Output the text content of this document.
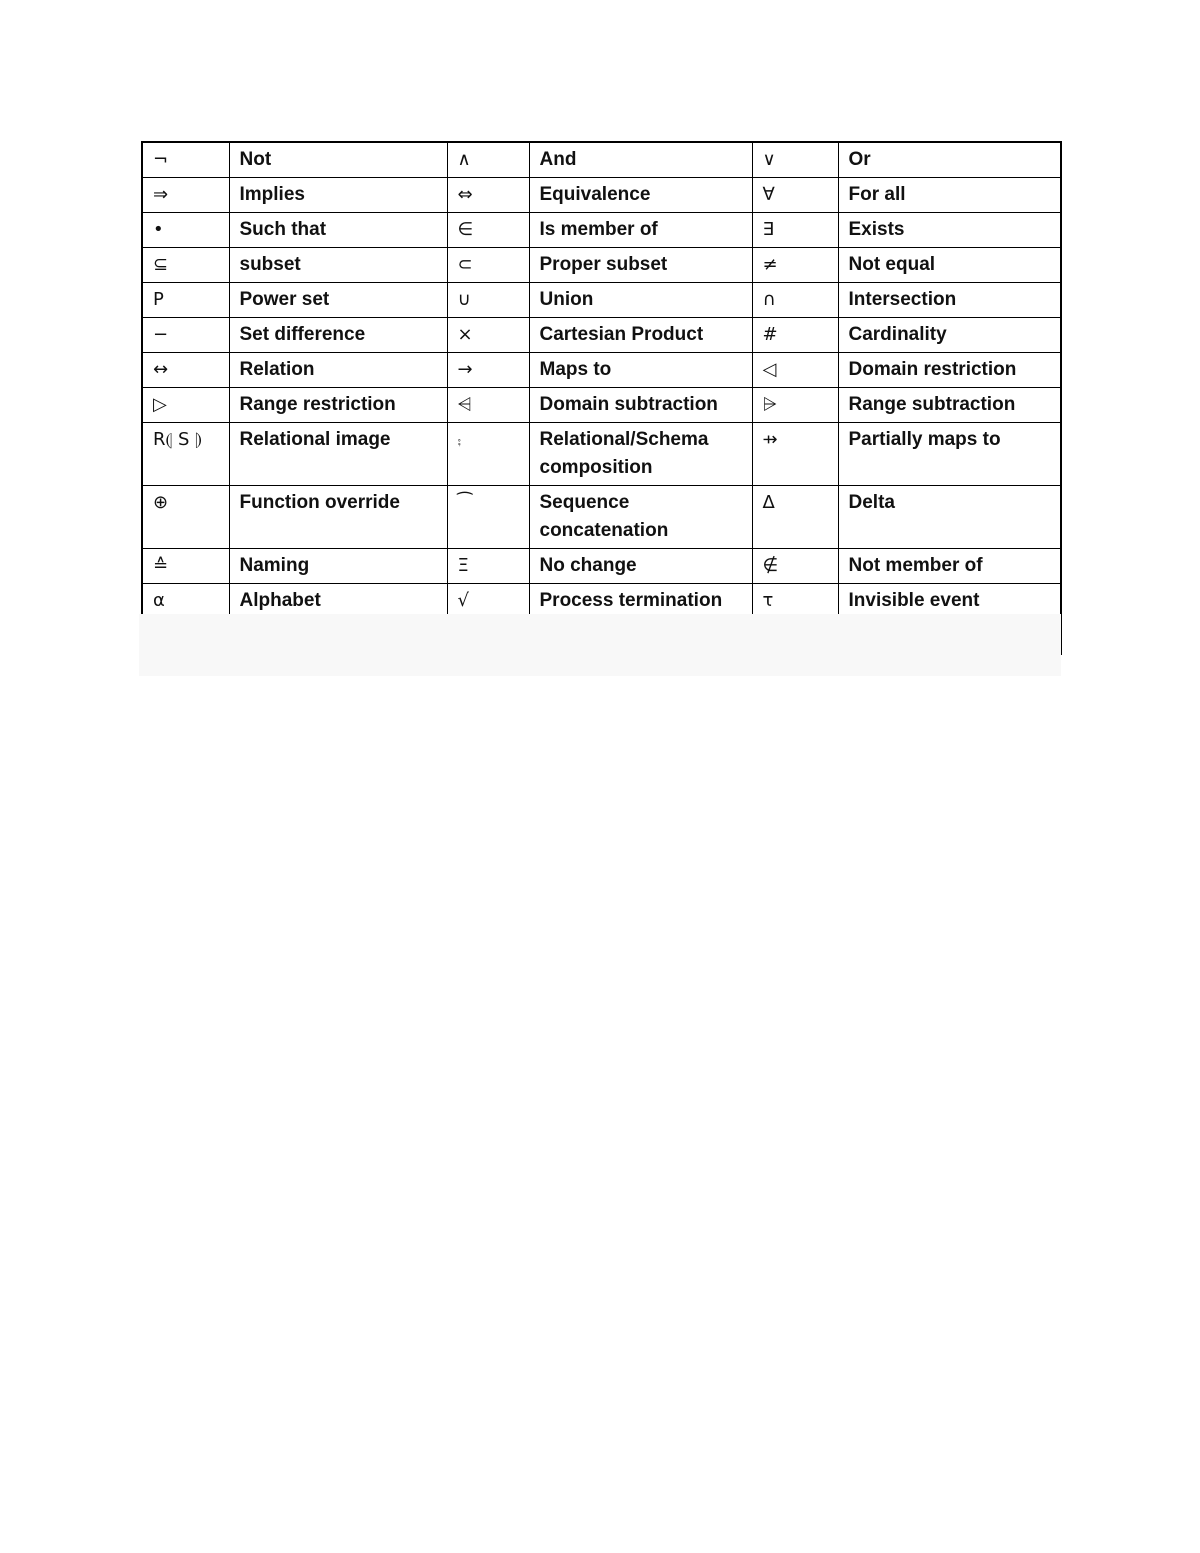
¬	Not	∧	And	∨	Or
⇒	Implies	⇔	Equivalence	∀	For all
•	Such that	∈	Is member of	∃	Exists
⊆	subset	⊂	Proper subset	≠	Not equal
P	Power set	∪	Union	∩	Intersection
−	Set difference	×	Cartesian Product	#	Cardinality
↔	Relation	→	Maps to	◁	Domain restriction
▷	Range restriction	⩤	Domain subtraction	⩥	Range subtraction
R⦇ S ⦈	Relational image	⨾	Relational/Schema composition	⇸	Partially maps to
⊕	Function override	⁀	Sequence concatenation	Δ	Delta
≙	Naming	Ξ	No change	∉	Not member of
α	Alphabet	√	Process termination	τ	Invisible event
